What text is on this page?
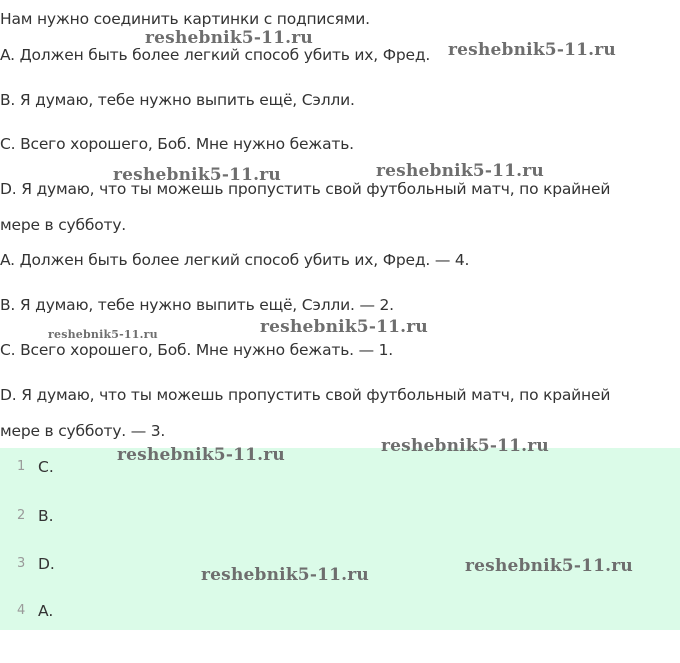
Нам нужно соединить картинки с подписями.
A. Должен быть более легкий способ убить их, Фред.
B. Я думаю, тебе нужно выпить ещё, Сэлли.
C. Всего хорошего, Боб. Мне нужно бежать.
D. Я думаю, что ты можешь пропустить свой футбольный матч, по крайней
мере в субботу.
A. Должен быть более легкий способ убить их, Фред. — 4.
B. Я думаю, тебе нужно выпить ещё, Сэлли. — 2.
C. Всего хорошего, Боб. Мне нужно бежать. — 1.
D. Я думаю, что ты можешь пропустить свой футбольный матч, по крайней
мере в субботу. — 3.
1 C.
2 B.
3 D.
4 A.
reshebnik5-11.ru
reshebnik5-11.ru
reshebnik5-11.ru	reshebnik5-11.ru
reshebnik5-11.ru	reshebnik5-11.ru
reshebnik5-11.ru
reshebnik5-11.ru
reshebnik5-11.ru	reshebnik5-11.ru
